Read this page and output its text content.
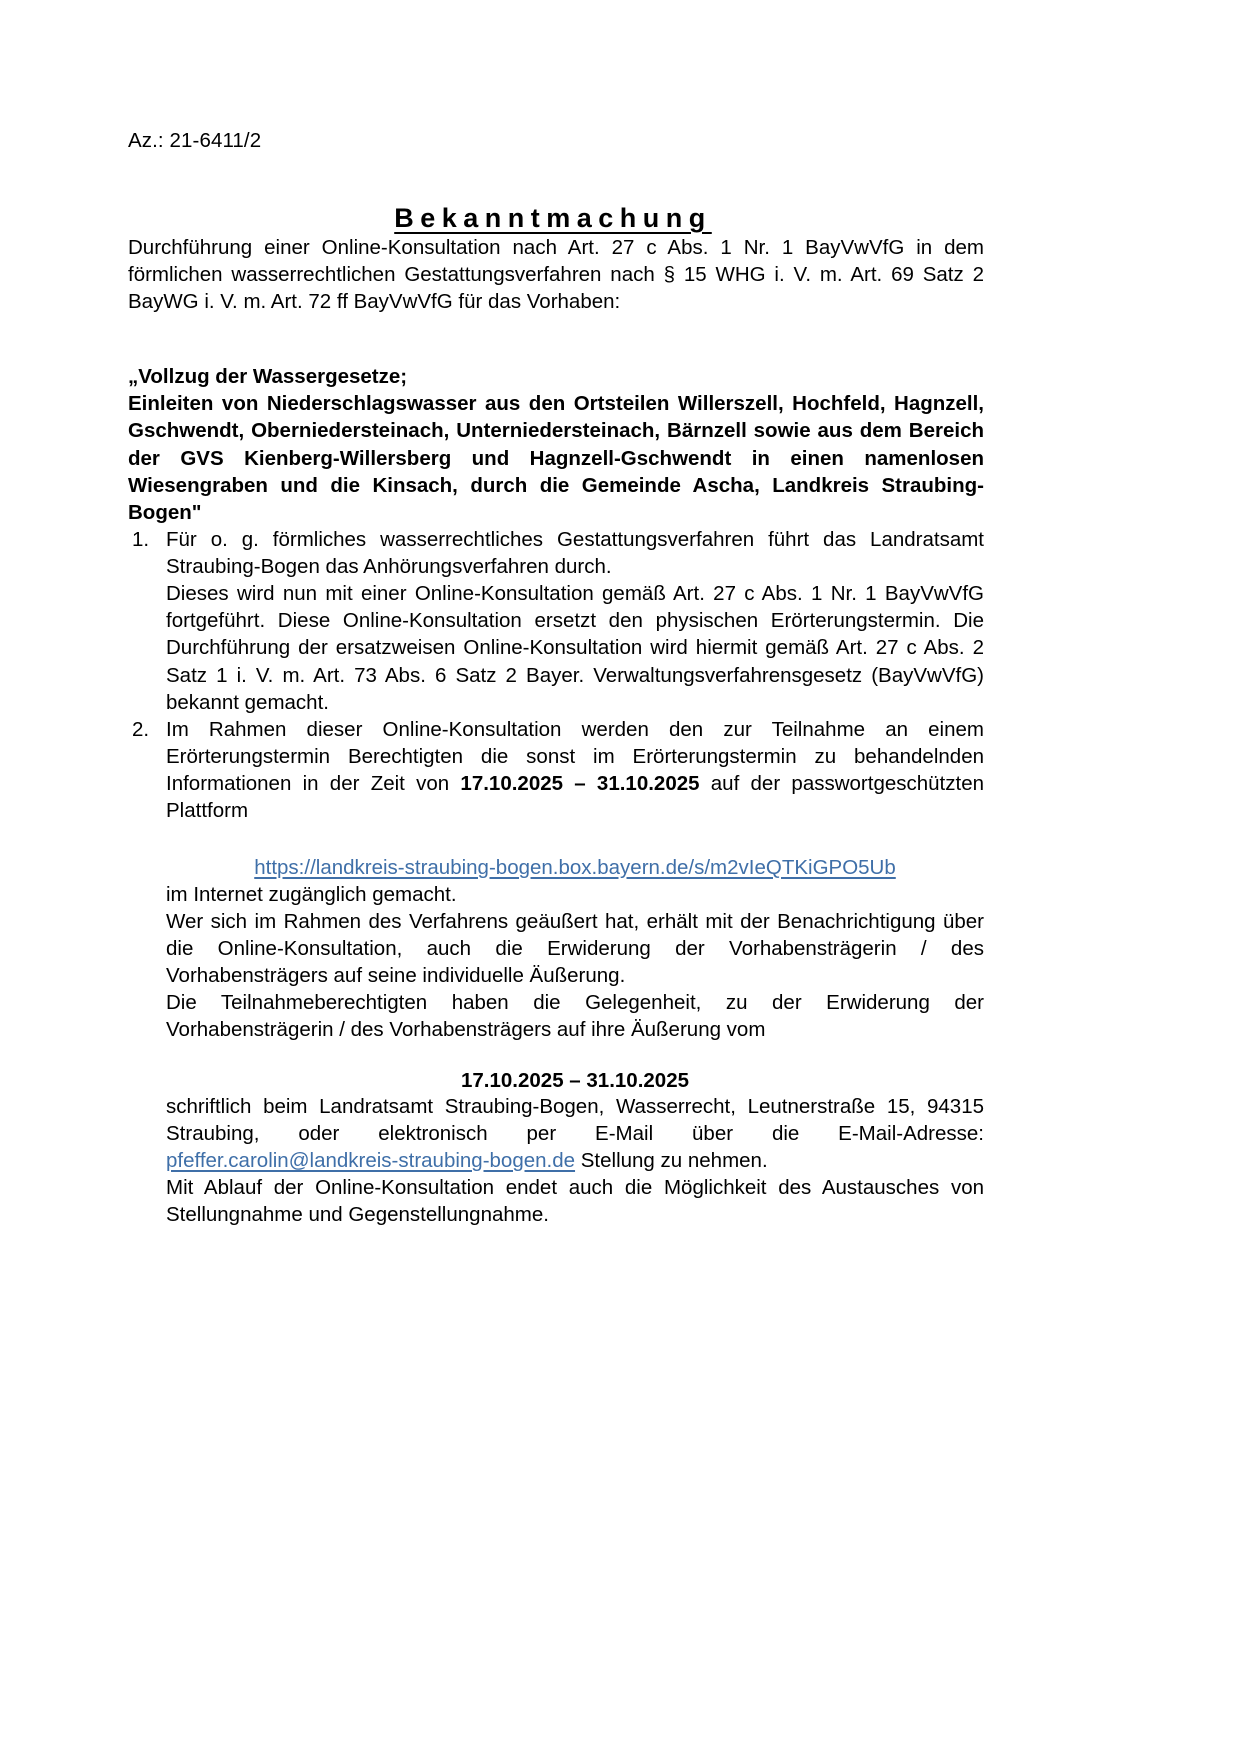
Az.: 21-6411/2
Bekanntmachung

Durchführung einer Online-Konsultation nach Art. 27 c Abs. 1 Nr. 1 BayVwVfG in dem förmlichen wasserrechtlichen Gestattungsverfahren nach § 15 WHG i. V. m. Art. 69 Satz 2 BayWG i. V. m. Art. 72 ff BayVwVfG für das Vorhaben:

„Vollzug der Wassergesetze;
Einleiten von Niederschlagswasser aus den Ortsteilen Willerszell, Hochfeld, Hagnzell, Gschwendt, Oberniedersteinach, Unterniedersteinach, Bärnzell sowie aus dem Bereich der GVS Kienberg-Willersberg und Hagnzell-Gschwendt in einen namenlosen Wiesengraben und die Kinsach, durch die Gemeinde Ascha, Landkreis Straubing-Bogen"
1. Für o. g. förmliches wasserrechtliches Gestattungsverfahren führt das Landratsamt Straubing-Bogen das Anhörungsverfahren durch.

Dieses wird nun mit einer Online-Konsultation gemäß Art. 27 c Abs. 1 Nr. 1 BayVwVfG fortgeführt. Diese Online-Konsultation ersetzt den physischen Erörterungstermin. Die Durchführung der ersatzweisen Online-Konsultation wird hiermit gemäß Art. 27 c Abs. 2 Satz 1 i. V. m. Art. 73 Abs. 6 Satz 2 Bayer. Verwaltungsverfahrensgesetz (BayVwVfG) bekannt gemacht.

2. Im Rahmen dieser Online-Konsultation werden den zur Teilnahme an einem Erörterungstermin Berechtigten die sonst im Erörterungstermin zu behandelnden Informationen in der Zeit von 17.10.2025 – 31.10.2025 auf der passwortgeschützten Plattform

https://landkreis-straubing-bogen.box.bayern.de/s/m2vIeQTKiGPO5Ub

im Internet zugänglich gemacht.

Wer sich im Rahmen des Verfahrens geäußert hat, erhält mit der Benachrichtigung über die Online-Konsultation, auch die Erwiderung der Vorhabensträgerin / des Vorhabensträgers auf seine individuelle Äußerung.

Die Teilnahmeberechtigten haben die Gelegenheit, zu der Erwiderung der Vorhabensträgerin / des Vorhabensträgers auf ihre Äußerung vom

17.10.2025 – 31.10.2025

schriftlich beim Landratsamt Straubing-Bogen, Wasserrecht, Leutnerstraße 15, 94315 Straubing, oder elektronisch per E-Mail über die E-Mail-Adresse: pfeffer.carolin@landkreis-straubing-bogen.de Stellung zu nehmen.

Mit Ablauf der Online-Konsultation endet auch die Möglichkeit des Austausches von Stellungnahme und Gegenstellungnahme.
